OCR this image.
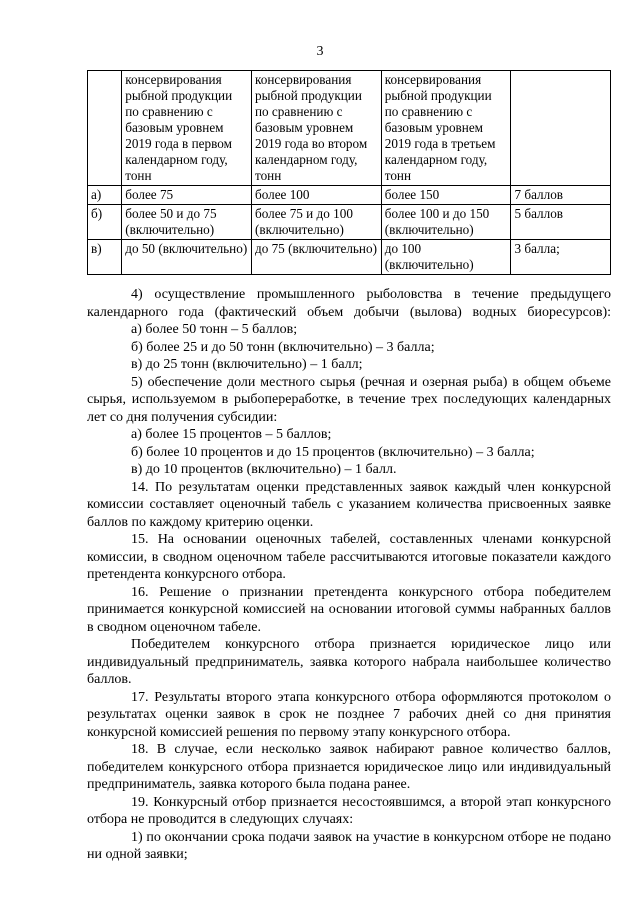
3
	консервирования рыбной продукции по сравнению с базовым уровнем 2019 года в первом календарном году, тонн	консервирования рыбной продукции по сравнению с базовым уровнем 2019 года во втором календарном году, тонн	консервирования рыбной продукции по сравнению с базовым уровнем 2019 года в третьем календарном году, тонн	
а)	более 75	более 100	более 150	7 баллов
б)	более 50 и до 75 (включительно)	более 75 и до 100 (включительно)	более 100 и до 150 (включительно)	5 баллов
в)	до 50 (включительно)	до 75 (включительно)	до 100 (включительно)	3 балла;

4) осуществление промышленного рыболовства в течение предыдущего календарного года (фактический объем добычи (вылова) водных биоресурсов):

а) более 50 тонн – 5 баллов;

б) более 25 и до 50 тонн (включительно) – 3 балла;

в) до 25 тонн (включительно) – 1 балл;

5) обеспечение доли местного сырья (речная и озерная рыба) в общем объеме сырья, используемом в рыбопереработке, в течение трех последующих календарных лет со дня получения субсидии:

а) более 15 процентов – 5 баллов;

б) более 10 процентов и до 15 процентов (включительно) – 3 балла;

в) до 10 процентов (включительно) – 1 балл.

14. По результатам оценки представленных заявок каждый член конкурсной комиссии составляет оценочный табель с указанием количества присвоенных заявке баллов по каждому критерию оценки.

15. На основании оценочных табелей, составленных членами конкурсной комиссии, в сводном оценочном табеле рассчитываются итоговые показатели каждого претендента конкурсного отбора.

16. Решение о признании претендента конкурсного отбора победителем принимается конкурсной комиссией на основании итоговой суммы набранных баллов в сводном оценочном табеле.

Победителем конкурсного отбора признается юридическое лицо или индивидуальный предприниматель, заявка которого набрала наибольшее количество баллов.

17. Результаты второго этапа конкурсного отбора оформляются протоколом о результатах оценки заявок в срок не позднее 7 рабочих дней со дня принятия конкурсной комиссией решения по первому этапу конкурсного отбора.

18. В случае, если несколько заявок набирают равное количество баллов, победителем конкурсного отбора признается юридическое лицо или индивидуальный предприниматель, заявка которого была подана ранее.

19. Конкурсный отбор признается несостоявшимся, а второй этап конкурсного отбора не проводится в следующих случаях:

1) по окончании срока подачи заявок на участие в конкурсном отборе не подано ни одной заявки;
